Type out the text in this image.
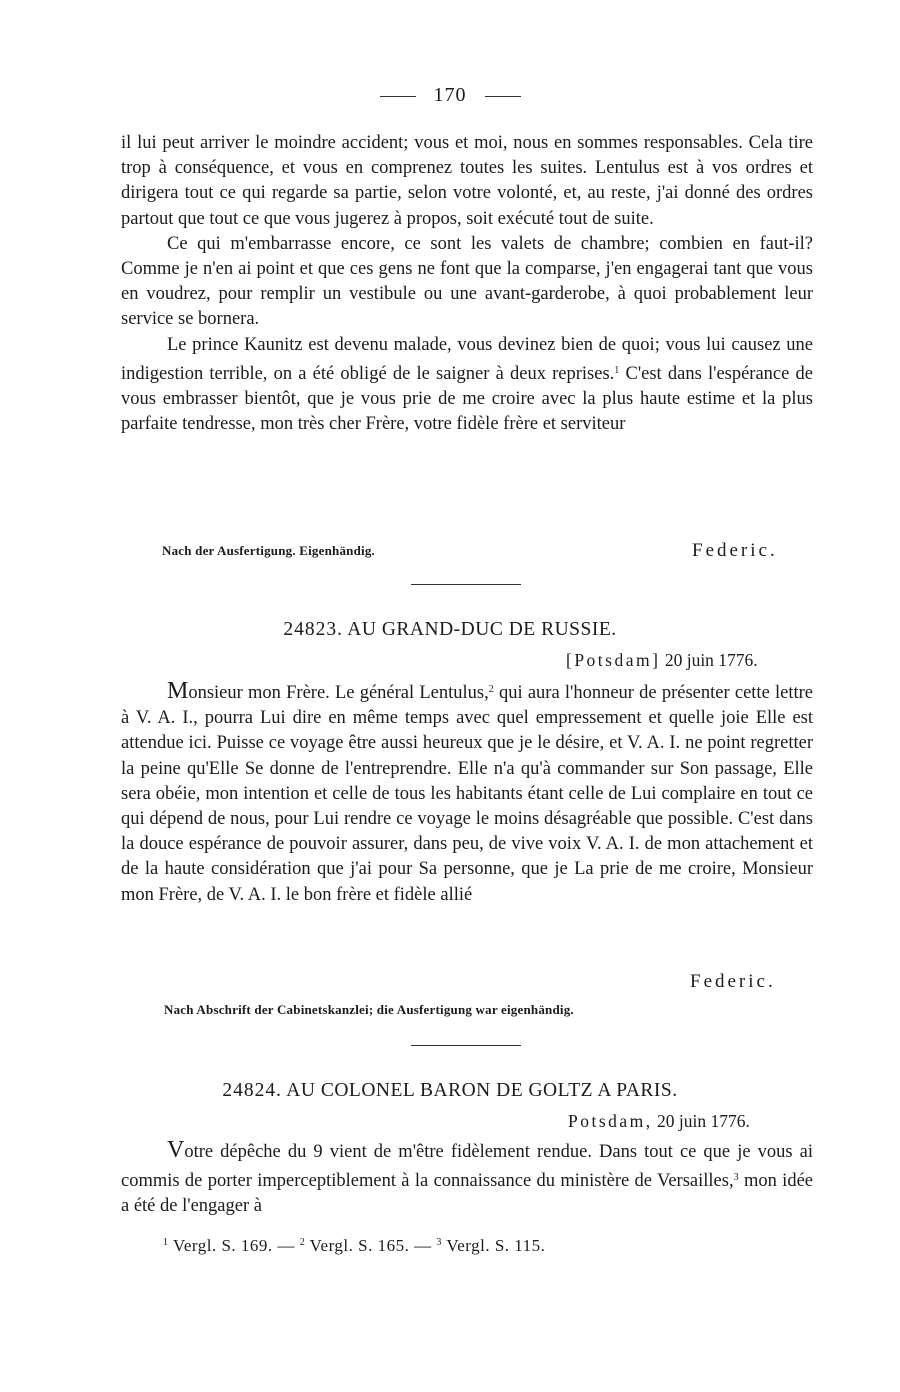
170

il lui peut arriver le moindre accident; vous et moi, nous en sommes responsables. Cela tire trop à conséquence, et vous en comprenez toutes les suites. Lentulus est à vos ordres et dirigera tout ce qui regarde sa partie, selon votre volonté, et, au reste, j'ai donné des ordres partout que tout ce que vous jugerez à propos, soit exécuté tout de suite.

Ce qui m'embarrasse encore, ce sont les valets de chambre; combien en faut-il? Comme je n'en ai point et que ces gens ne font que la comparse, j'en engagerai tant que vous en voudrez, pour remplir un vestibule ou une avant-garderobe, à quoi probablement leur service se bornera.

Le prince Kaunitz est devenu malade, vous devinez bien de quoi; vous lui causez une indigestion terrible, on a été obligé de le saigner à deux reprises.$^1$ C'est dans l'espérance de vous embrasser bientôt, que je vous prie de me croire avec la plus haute estime et la plus parfaite tendresse, mon très cher Frère, votre fidèle frère et serviteur

Nach der Ausfertigung. Eigenhändig.	Federic.
24823. AU GRAND-DUC DE RUSSIE.
[Potsdam] 20 juin 1776.

Monsieur mon Frère. Le général Lentulus,$^2$ qui aura l'honneur de présenter cette lettre à V. A. I., pourra Lui dire en même temps avec quel empressement et quelle joie Elle est attendue ici. Puisse ce voyage être aussi heureux que je le désire, et V. A. I. ne point regretter la peine qu'Elle Se donne de l'entreprendre. Elle n'a qu'à commander sur Son passage, Elle sera obéie, mon intention et celle de tous les habitants étant celle de Lui complaire en tout ce qui dépend de nous, pour Lui rendre ce voyage le moins désagréable que possible. C'est dans la douce espérance de pouvoir assurer, dans peu, de vive voix V. A. I. de mon attachement et de la haute considération que j'ai pour Sa personne, que je La prie de me croire, Monsieur mon Frère, de V. A. I. le bon frère et fidèle allié

Federic.
Nach Abschrift der Cabinetskanzlei; die Ausfertigung war eigenhändig.
24824. AU COLONEL BARON DE GOLTZ A PARIS.
Potsdam, 20 juin 1776.

Votre dépêche du 9 vient de m'être fidèlement rendue. Dans tout ce que je vous ai commis de porter imperceptiblement à la connaissance du ministère de Versailles,$^3$ mon idée a été de l'engager à

$^1$ Vergl. S. 169. — $^2$ Vergl. S. 165. — $^3$ Vergl. S. 115.
